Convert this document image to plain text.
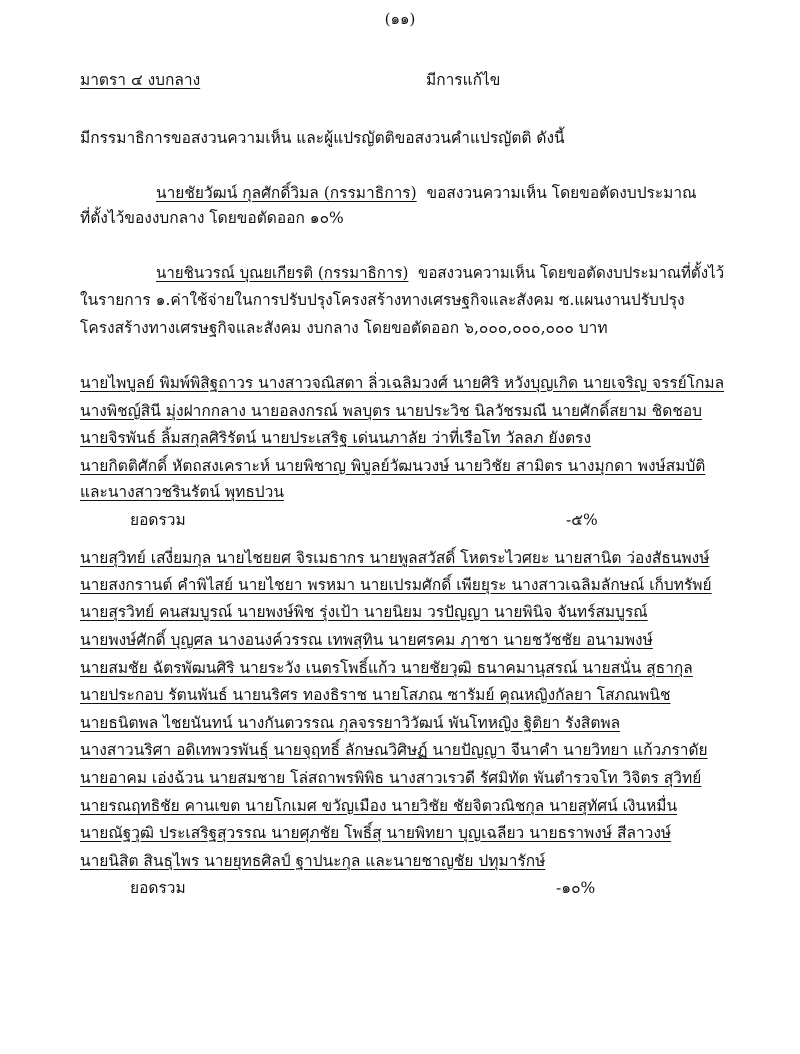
(๑๑)
มาตรา ๔ งบกลาง	มีการแก้ไข
มีกรรมาธิการขอสงวนความเห็น และผู้แปรญัตติขอสงวนคำแปรญัตติ ดังนี้
นายชัยวัฒน์ กุลศักดิ์วิมล (กรรมาธิการ) ขอสงวนความเห็น โดยขอตัดงบประมาณ
ที่ตั้งไว้ของงบกลาง โดยขอตัดออก ๑๐%
นายชินวรณ์ บุณยเกียรติ (กรรมาธิการ) ขอสงวนความเห็น โดยขอตัดงบประมาณที่ตั้งไว้
ในรายการ ๑.ค่าใช้จ่ายในการปรับปรุงโครงสร้างทางเศรษฐกิจและสังคม ซ.แผนงานปรับปรุง
โครงสร้างทางเศรษฐกิจและสังคม งบกลาง โดยขอตัดออก ๖,๐๐๐,๐๐๐,๐๐๐ บาท
นายไพบูลย์ พิมพ์พิสิฐถาวร นางสาวจณิสตา ลิ่วเฉลิมวงศ์ นายศิริ หวังบุญเกิด นายเจริญ จรรย์โกมล
นางพิชญ์สินี มุ่งฝากกลาง นายอลงกรณ์ พลบุตร นายประวิช นิลวัชรมณี นายศักดิ์สยาม ชิดชอบ
นายจิรพันธ์ ลิ้มสกุลศิริรัตน์ นายประเสริฐ เด่นนภาลัย ว่าที่เรือโท วัลลภ ยังตรง
นายกิตติศักดิ์ หัตถสงเคราะห์ นายพิชาญ พิบูลย์วัฒนวงษ์ นายวิชัย สามิตร นางมุกดา พงษ์สมบัติ
และนางสาวชรินรัตน์ พุทธปวน
ยอดรวม	-๕%
นายสุวิทย์ เสงี่ยมกุล นายไชยยศ จิรเมธากร นายพูลสวัสดิ์ โหตระไวศยะ นายสานิต ว่องสัธนพงษ์
นายสงกรานต์ คำพิไสย์ นายไชยา พรหมา นายเปรมศักดิ์ เพียยุระ นางสาวเฉลิมลักษณ์ เก็บทรัพย์
นายสุรวิทย์ คนสมบูรณ์ นายพงษ์พิช รุ่งเป้า นายนิยม วรปัญญา นายพินิจ จันทร์สมบูรณ์
นายพงษ์ศักดิ์ บุญศล นางอนงค์วรรณ เทพสุทิน นายศรคม ฦาชา นายชวัชชัย อนามพงษ์
นายสมชัย ฉัตรพัฒนศิริ นายระวัง เนตรโพธิ์แก้ว นายชัยวุฒิ ธนาคมานุสรณ์ นายสนั่น สุธากุล
นายประกอบ รัตนพันธ์ นายนริศร ทองธิราช นายโสภณ ซารัมย์ คุณหญิงกัลยา โสภณพนิช
นายธนิตพล ไชยนันทน์ นางกันตวรรณ กุลจรรยาวิวัฒน์ พันโทหญิง ฐิติยา รังสิตพล
นางสาวนริศา อดิเทพวรพันธุ์ นายจุฤทธิ์ ลักษณวิศิษฏ์ นายปัญญา จีนาคำ นายวิทยา แก้วภราดัย
นายอาคม เอ่งฉ้วน นายสมชาย โล่สถาพรพิพิธ นางสาวเรวดี รัศมิทัต พันตำรวจโท วิจิตร สุวิทย์
นายรณฤทธิชัย คานเขต นายโกเมศ ขวัญเมือง นายวิชัย ชัยจิตวณิชกุล นายสุทัศน์ เงินหมื่น
นายณัฐวุฒิ ประเสริฐสุวรรณ นายศุภชัย โพธิ์สุ นายพิทยา บุญเฉลียว นายธราพงษ์ สีลาวงษ์
นายนิสิต สินธุไพร นายยุทธศิลป์ ฐาปนะกุล และนายชาญชัย ปทุมารักษ์
ยอดรวม	-๑๐%
